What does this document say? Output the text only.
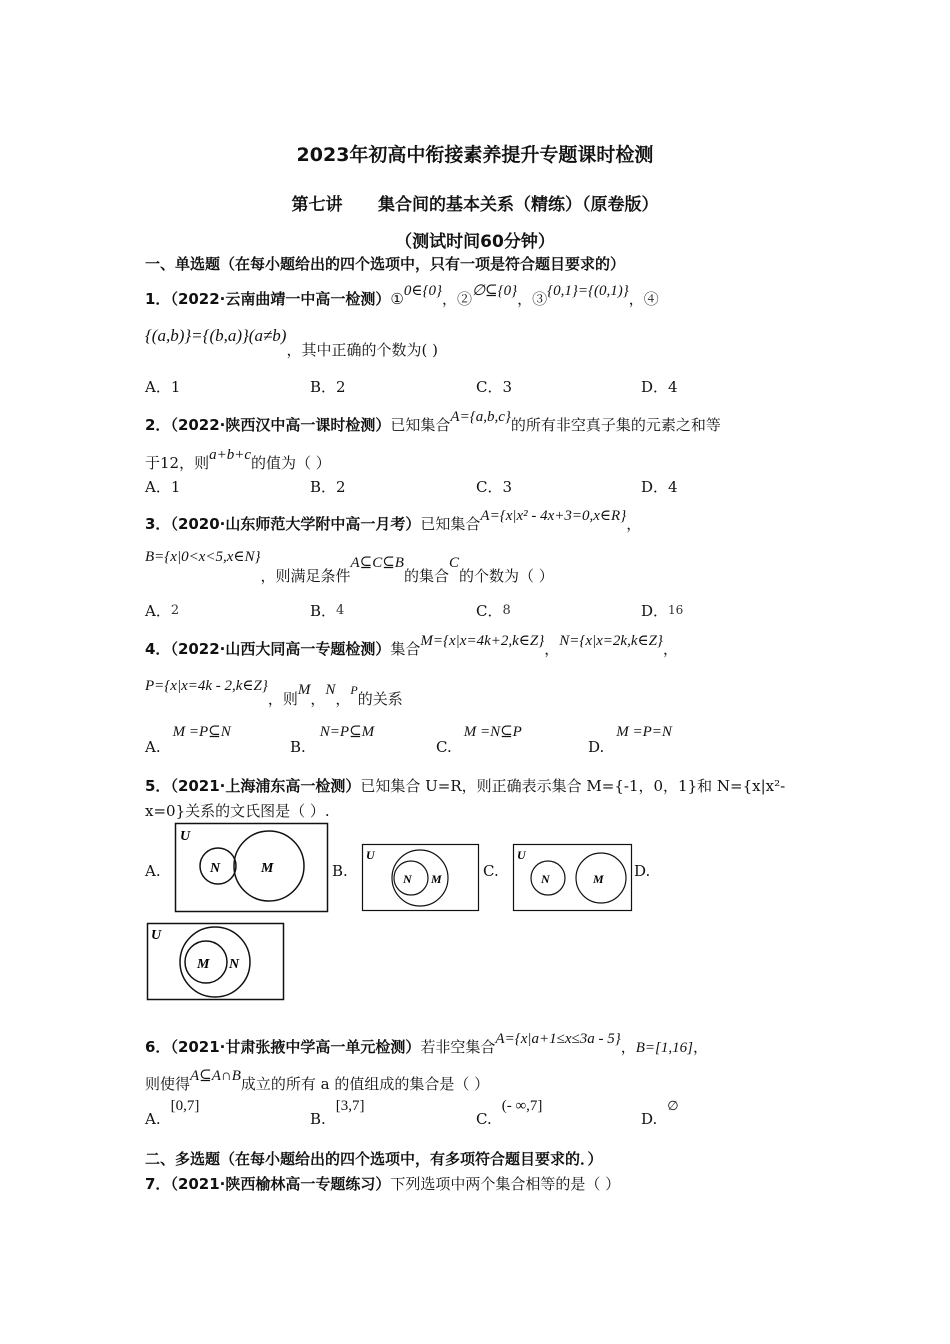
2023年初高中衔接素养提升专题课时检测
第七讲 集合间的基本关系（精练）（原卷版）
（测试时间60分钟）
一、单选题（在每小题给出的四个选项中，只有一项是符合题目要求的）
1．（2022·云南曲靖一中高一检测）①0∈{0}，②∅⊆{0}，③{0,1}={(0,1)}，④
{(a,b)}={(b,a)}(a≠b)，其中正确的个数为( )
A．1	B．2	C．3	D．4
2．（2022·陕西汉中高一课时检测）已知集合A={a,b,c}的所有非空真子集的元素之和等
于12，则a+b+c的值为（ ）
A．1	B．2	C．3	D．4
3．（2020·山东师范大学附中高一月考）已知集合A={x|x² - 4x+3=0,x∈R}，
B={x|0<x<5,x∈N}，则满足条件A⊆C⊆B的集合C的个数为（ ）
A．2	B．4	C．8	D．16
4．（2022·山西大同高一专题检测）集合M={x|x=4k+2,k∈Z}，N={x|x=2k,k∈Z}，
P={x|x=4k - 2,k∈Z}，则M，N，P的关系
A.M =P⊆N
B.N=P⊆M
C.M =N⊆P
D.M =P=N
5．（2021·上海浦东高一检测）已知集合 U=R，则正确表示集合 M={-1，0，1}和 N={x|x²-
x=0}关系的文氏图是（ ）.
A.	B.	C.	D.
U
N	M
U
N M
U
N	M
U
M N
6．（2021·甘肃张掖中学高一单元检测）若非空集合A={x|a+1≤x≤3a - 5}，B=[1,16]，
则使得A⊆A∩B成立的所有 a 的值组成的集合是（ ）
A.[0,7]
B.[3,7]
C.(- ∞,7]
D.∅
二、多选题（在每小题给出的四个选项中，有多项符合题目要求的．）
7．（2021·陕西榆林高一专题练习）下列选项中两个集合相等的是（ ）
